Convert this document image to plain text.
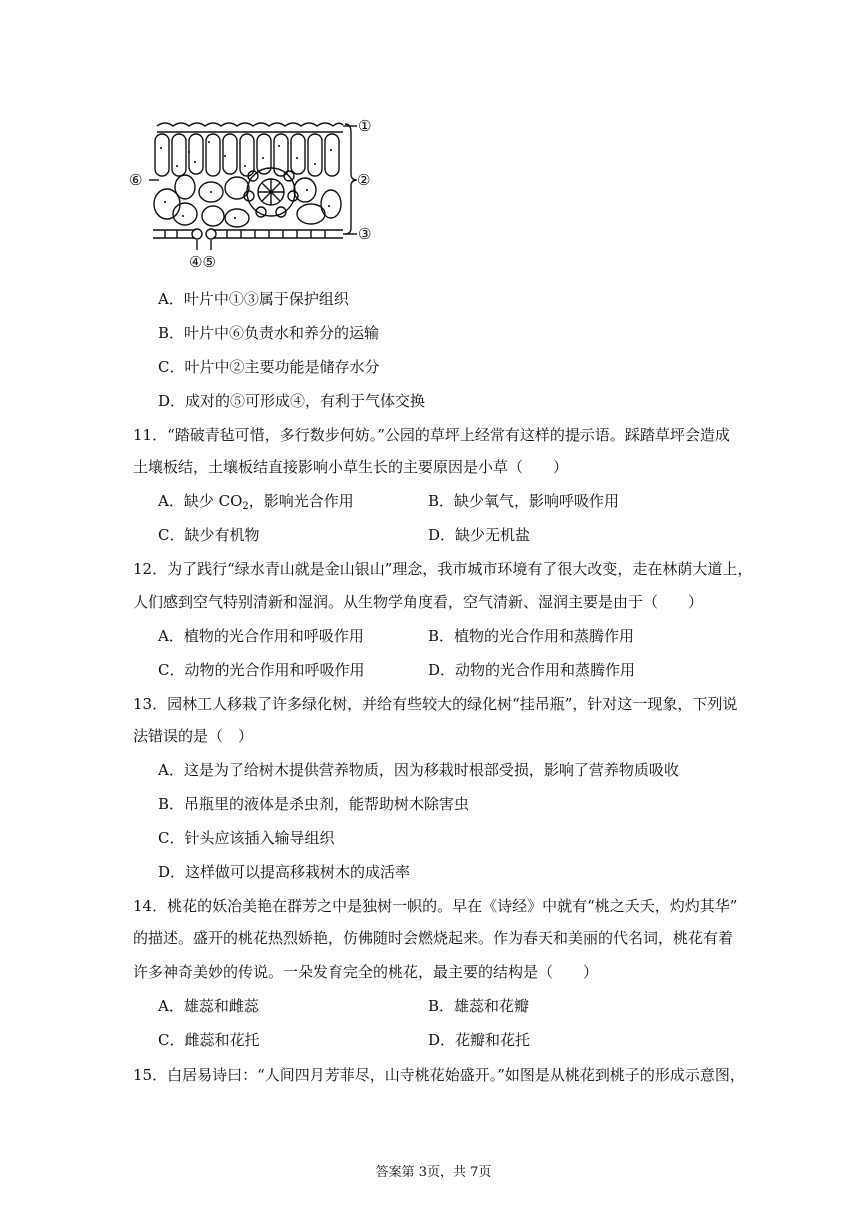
①
②
③
④⑤
⑥
A．叶片中①③属于保护组织
B．叶片中⑥负责水和养分的运输
C．叶片中②主要功能是储存水分
D．成对的⑤可形成④，有利于气体交换
11．“踏破青毡可惜，多行数步何妨。”公园的草坪上经常有这样的提示语。踩踏草坪会造成
土壤板结，土壤板结直接影响小草生长的主要原因是小草（　　）
A．缺少 $CO_2$，影响光合作用	B．缺少氧气，影响呼吸作用
C．缺少有机物	D．缺少无机盐
12．为了践行“绿水青山就是金山银山”理念，我市城市环境有了很大改变，走在林荫大道上，
人们感到空气特别清新和湿润。从生物学角度看，空气清新、湿润主要是由于（　　）
A．植物的光合作用和呼吸作用	B．植物的光合作用和蒸腾作用
C．动物的光合作用和呼吸作用	D．动物的光合作用和蒸腾作用
13．园林工人移栽了许多绿化树，并给有些较大的绿化树“挂吊瓶”，针对这一现象，下列说
法错误的是（　）
A．这是为了给树木提供营养物质，因为移栽时根部受损，影响了营养物质吸收
B．吊瓶里的液体是杀虫剂，能帮助树木除害虫
C．针头应该插入输导组织
D．这样做可以提高移栽树木的成活率
14．桃花的妖冶美艳在群芳之中是独树一帜的。早在《诗经》中就有“桃之夭夭，灼灼其华”
的描述。盛开的桃花热烈娇艳，仿佛随时会燃烧起来。作为春天和美丽的代名词，桃花有着
许多神奇美妙的传说。一朵发育完全的桃花，最主要的结构是（　　）
A．雄蕊和雌蕊	B．雄蕊和花瓣
C．雌蕊和花托	D．花瓣和花托
15．白居易诗曰：“人间四月芳菲尽，山寺桃花始盛开。”如图是从桃花到桃子的形成示意图，
答案第 3页，共 7页
